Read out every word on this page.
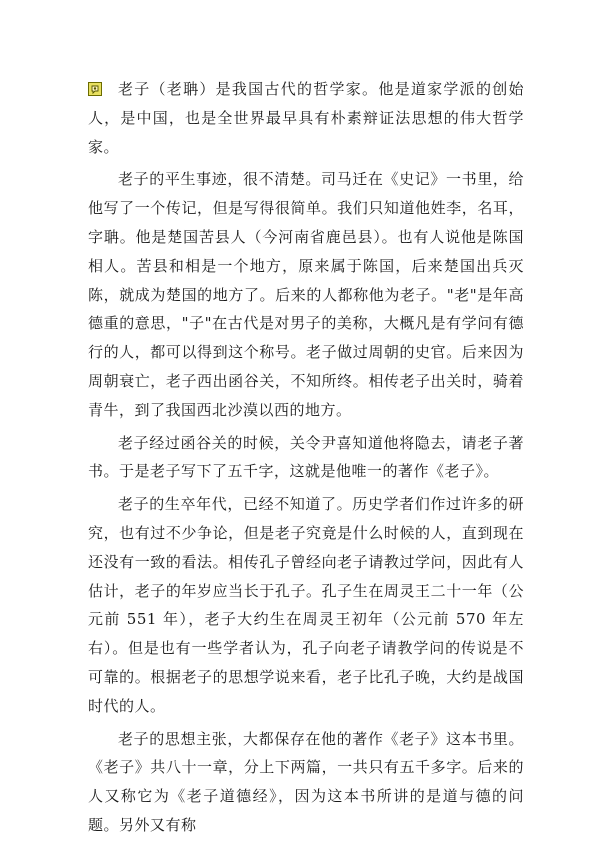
老子（老聃）是我国古代的哲学家。他是道家学派的创始人，是中国，也是全世界最早具有朴素辩证法思想的伟大哲学家。

老子的平生事迹，很不清楚。司马迁在《史记》一书里，给他写了一个传记，但是写得很简单。我们只知道他姓李，名耳，字聃。他是楚国苦县人（今河南省鹿邑县）。也有人说他是陈国相人。苦县和相是一个地方，原来属于陈国，后来楚国出兵灭陈，就成为楚国的地方了。后来的人都称他为老子。"老"是年高德重的意思，"子"在古代是对男子的美称，大概凡是有学问有德行的人，都可以得到这个称号。老子做过周朝的史官。后来因为周朝衰亡，老子西出函谷关，不知所终。相传老子出关时，骑着青牛，到了我国西北沙漠以西的地方。

老子经过函谷关的时候，关令尹喜知道他将隐去，请老子著书。于是老子写下了五千字，这就是他唯一的著作《老子》。

老子的生卒年代，已经不知道了。历史学者们作过许多的研究，也有过不少争论，但是老子究竟是什么时候的人，直到现在还没有一致的看法。相传孔子曾经向老子请教过学问，因此有人估计，老子的年岁应当长于孔子。孔子生在周灵王二十一年（公元前 551 年），老子大约生在周灵王初年（公元前 570 年左右）。但是也有一些学者认为，孔子向老子请教学问的传说是不可靠的。根据老子的思想学说来看，老子比孔子晚，大约是战国时代的人。

老子的思想主张，大都保存在他的著作《老子》这本书里。《老子》共八十一章，分上下两篇，一共只有五千多字。后来的人又称它为《老子道德经》，因为这本书所讲的是道与德的问题。另外又有称
